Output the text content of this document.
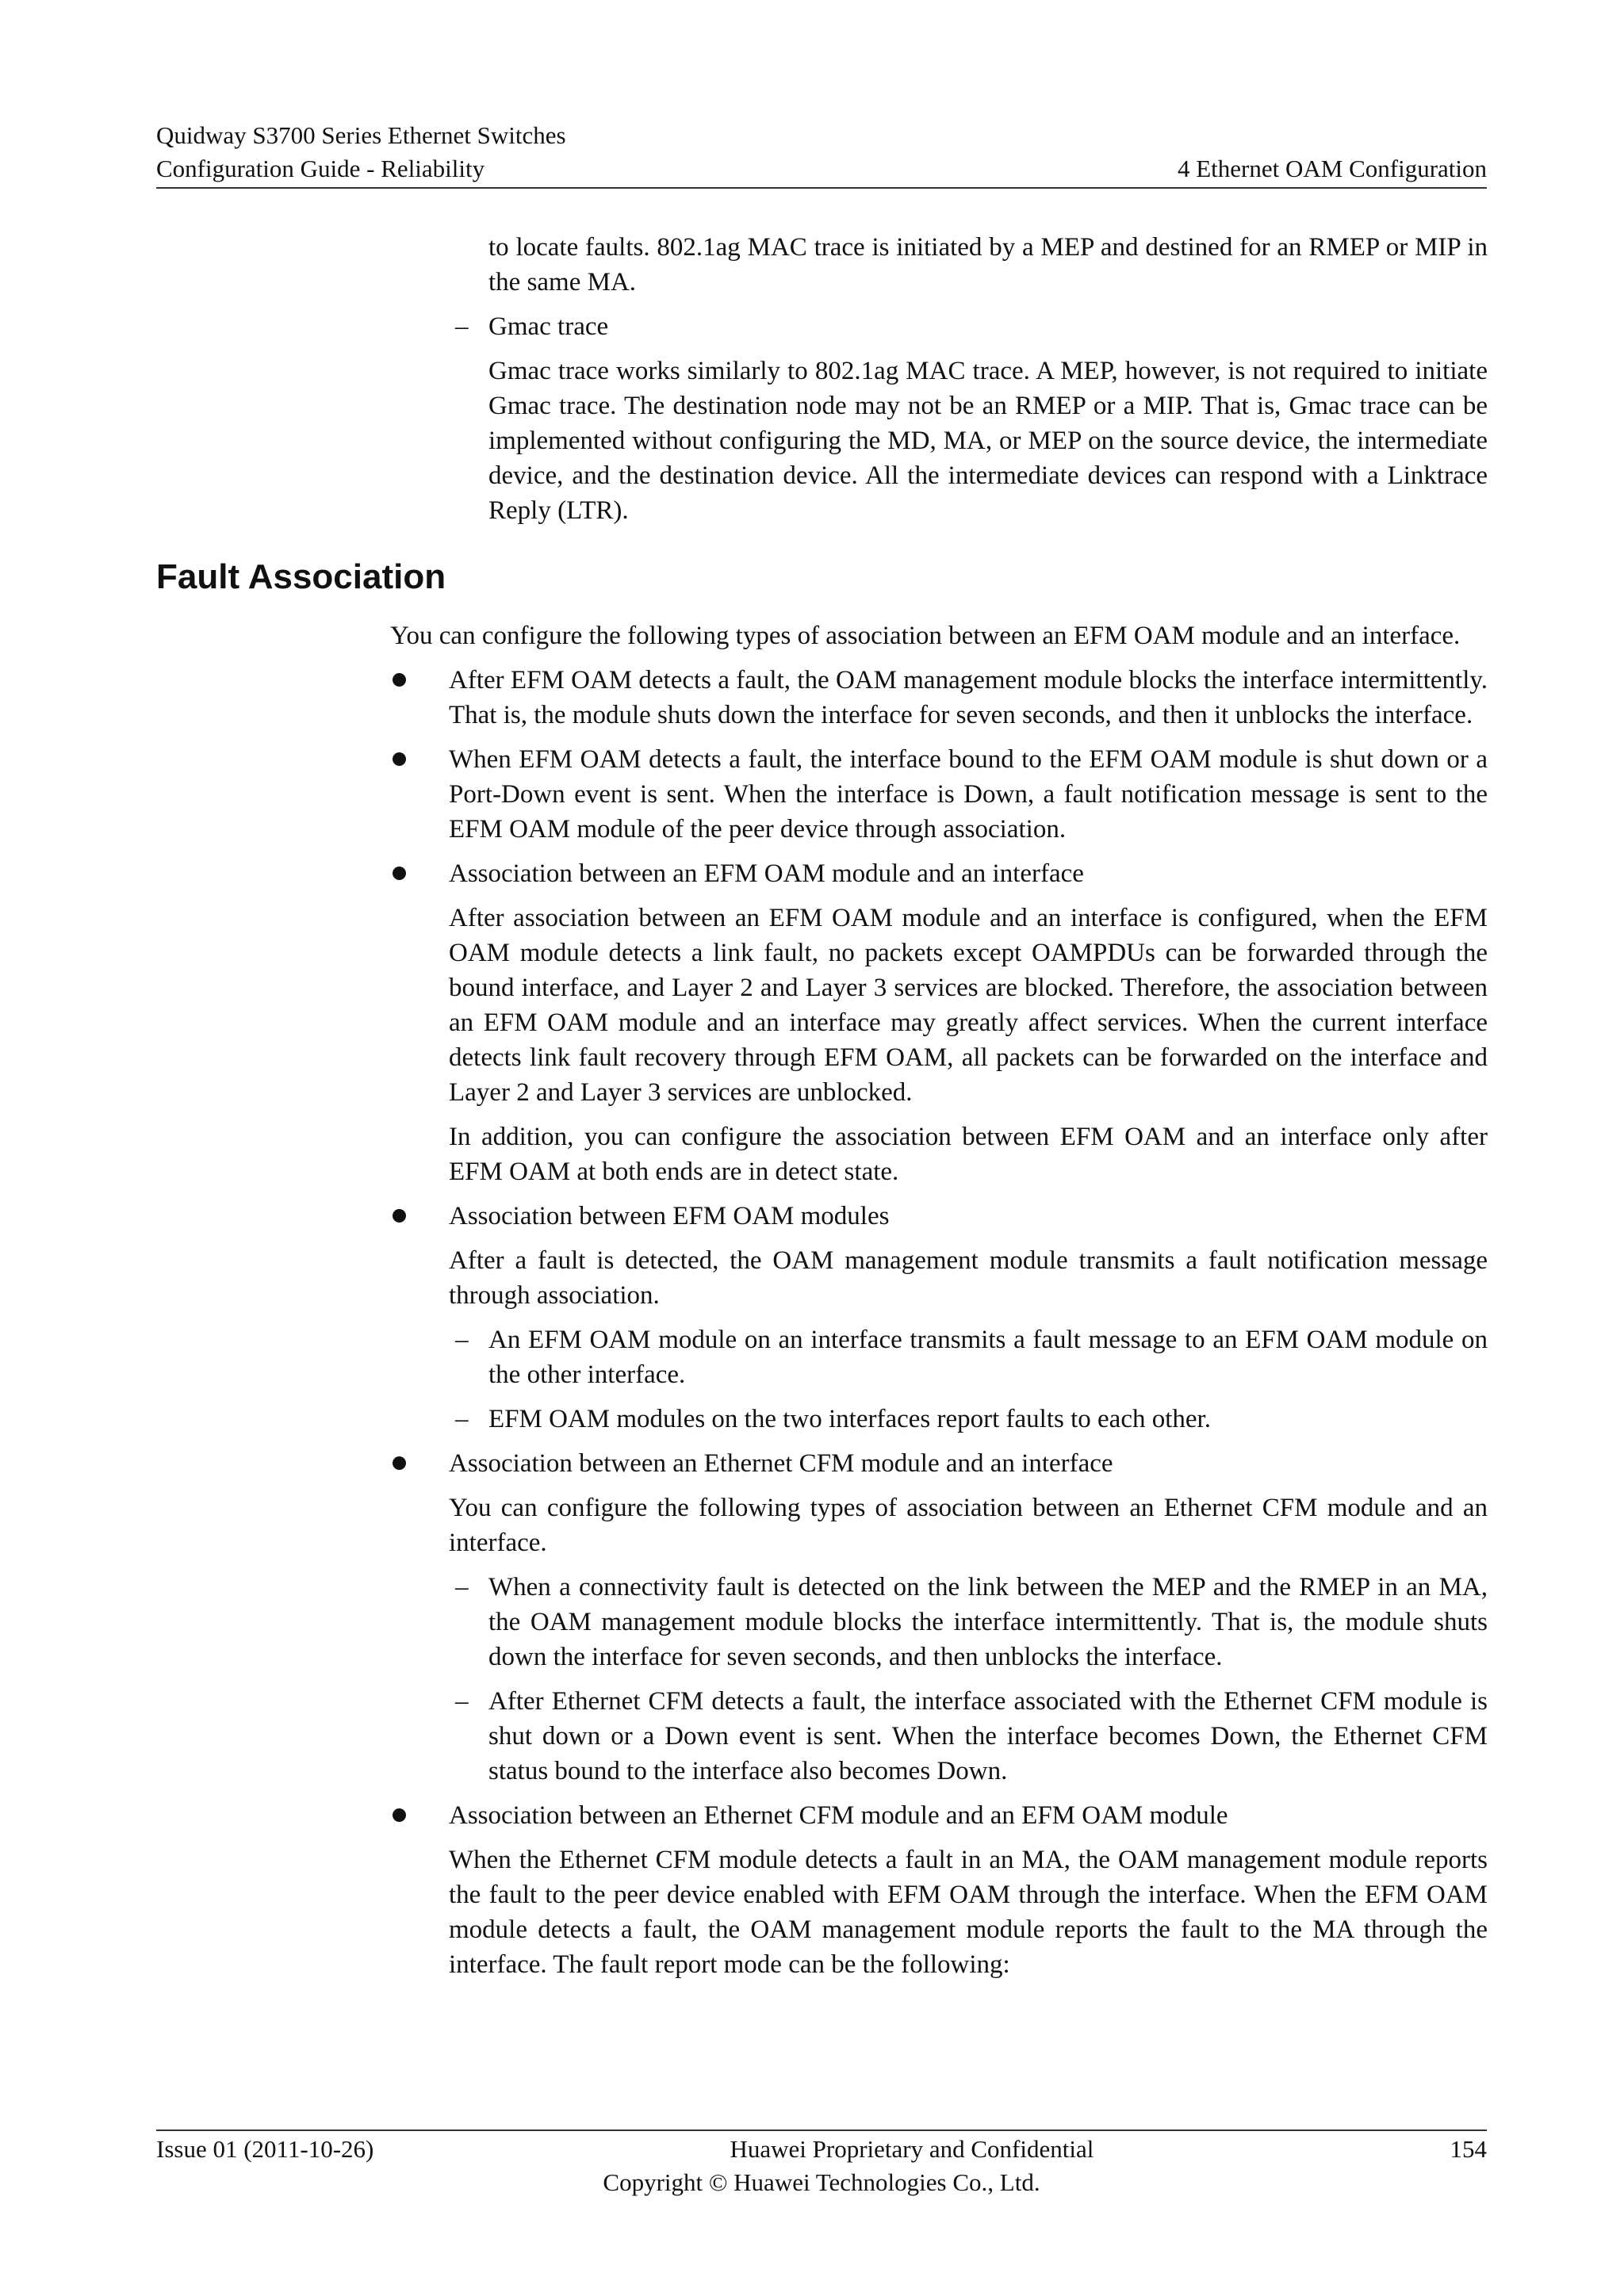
Quidway S3700 Series Ethernet Switches
Configuration Guide - Reliability	4 Ethernet OAM Configuration

to locate faults. 802.1ag MAC trace is initiated by a MEP and destined for an RMEP or MIP in the same MA.

– Gmac trace

Gmac trace works similarly to 802.1ag MAC trace. A MEP, however, is not required to initiate Gmac trace. The destination node may not be an RMEP or a MIP. That is, Gmac trace can be implemented without configuring the MD, MA, or MEP on the source device, the intermediate device, and the destination device. All the intermediate devices can respond with a Linktrace Reply (LTR).

Fault Association

You can configure the following types of association between an EFM OAM module and an interface.

After EFM OAM detects a fault, the OAM management module blocks the interface intermittently. That is, the module shuts down the interface for seven seconds, and then it unblocks the interface.
When EFM OAM detects a fault, the interface bound to the EFM OAM module is shut down or a Port-Down event is sent. When the interface is Down, a fault notification message is sent to the EFM OAM module of the peer device through association.
Association between an EFM OAM module and an interface

After association between an EFM OAM module and an interface is configured, when the EFM OAM module detects a link fault, no packets except OAMPDUs can be forwarded through the bound interface, and Layer 2 and Layer 3 services are blocked. Therefore, the association between an EFM OAM module and an interface may greatly affect services. When the current interface detects link fault recovery through EFM OAM, all packets can be forwarded on the interface and Layer 2 and Layer 3 services are unblocked.

In addition, you can configure the association between EFM OAM and an interface only after EFM OAM at both ends are in detect state.

Association between EFM OAM modules

After a fault is detected, the OAM management module transmits a fault notification message through association.

– An EFM OAM module on an interface transmits a fault message to an EFM OAM module on the other interface.
– EFM OAM modules on the two interfaces report faults to each other.
Association between an Ethernet CFM module and an interface

You can configure the following types of association between an Ethernet CFM module and an interface.

– When a connectivity fault is detected on the link between the MEP and the RMEP in an MA, the OAM management module blocks the interface intermittently. That is, the module shuts down the interface for seven seconds, and then unblocks the interface.
– After Ethernet CFM detects a fault, the interface associated with the Ethernet CFM module is shut down or a Down event is sent. When the interface becomes Down, the Ethernet CFM status bound to the interface also becomes Down.
Association between an Ethernet CFM module and an EFM OAM module

When the Ethernet CFM module detects a fault in an MA, the OAM management module reports the fault to the peer device enabled with EFM OAM through the interface. When the EFM OAM module detects a fault, the OAM management module reports the fault to the MA through the interface. The fault report mode can be the following:

Issue 01 (2011-10-26)	Huawei Proprietary and Confidential	154
Copyright © Huawei Technologies Co., Ltd.
